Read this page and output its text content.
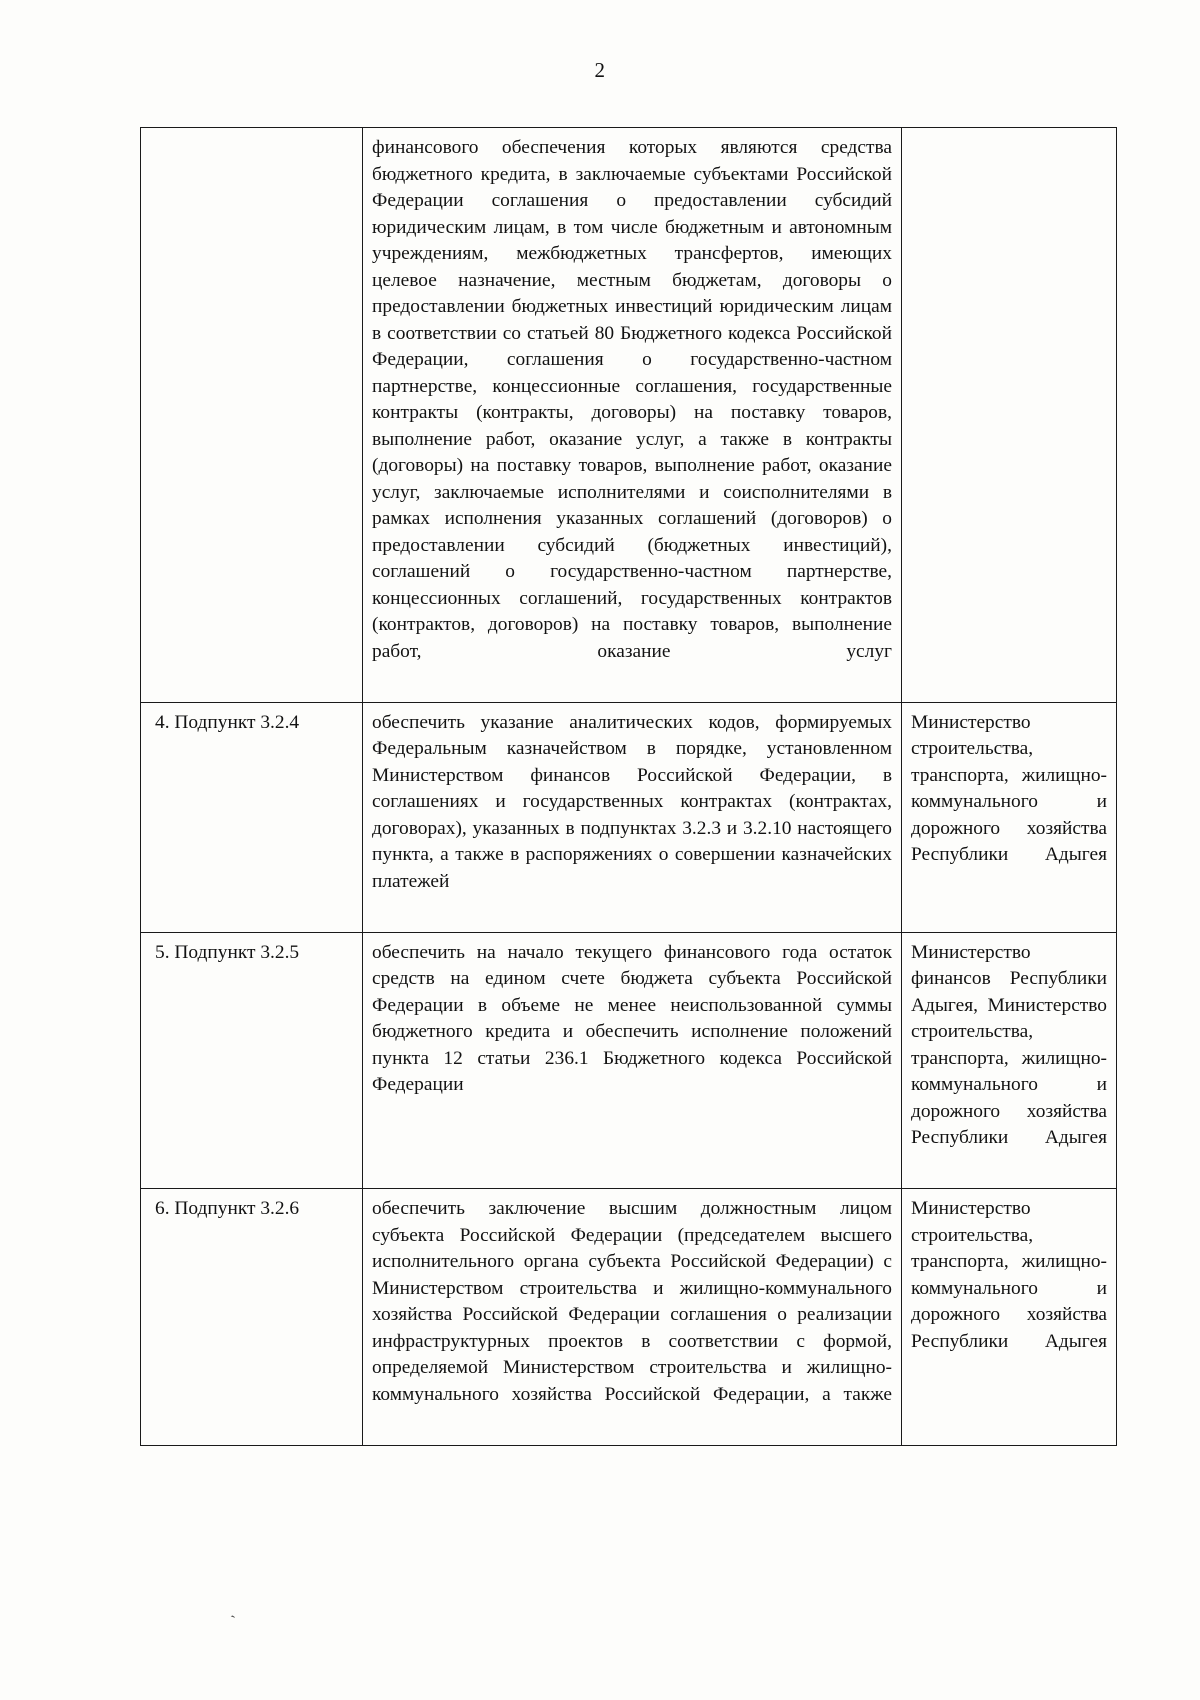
2

	финансового обеспечения которых являются средства бюджетного кредита, в заключаемые субъектами Российской Федерации соглашения о предоставлении субсидий юридическим лицам, в том числе бюджетным и автономным учреждениям, межбюджетных трансфертов, имеющих целевое назначение, местным бюджетам, договоры о предоставлении бюджетных инвестиций юридическим лицам в соответствии со статьей 80 Бюджетного кодекса Российской Федерации, соглашения о государственно-частном партнерстве, концессионные соглашения, государственные контракты (контракты, договоры) на поставку товаров, выполнение работ, оказание услуг, а также в контракты (договоры) на поставку товаров, выполнение работ, оказание услуг, заключаемые исполнителями и соисполнителями в рамках исполнения указанных соглашений (договоров) о предоставлении субсидий (бюджетных инвестиций), соглашений о государственно-частном партнерстве, концессионных соглашений, государственных контрактов (контрактов, договоров) на поставку товаров, выполнение работ, оказание услуг	

4. Подпункт 3.2.4	обеспечить указание аналитических кодов, формируемых Федеральным казначейством в порядке, установленном Министерством финансов Российской Федерации, в соглашениях и государственных контрактах (контрактах, договорах), указанных в подпунктах 3.2.3 и 3.2.10 настоящего пункта, а также в распоряжениях о совершении казначейских платежей	Министерство строительства, транспорта, жилищно-коммунального и дорожного хозяйства Республики Адыгея

5. Подпункт 3.2.5	обеспечить на начало текущего финансового года остаток средств на едином счете бюджета субъекта Российской Федерации в объеме не менее неиспользованной суммы бюджетного кредита и обеспечить исполнение положений пункта 12 статьи 236.1 Бюджетного кодекса Российской Федерации	Министерство финансов Республики Адыгея, Министерство строительства, транспорта, жилищно-коммунального и дорожного хозяйства Республики Адыгея

6. Подпункт 3.2.6	обеспечить заключение высшим должностным лицом субъекта Российской Федерации (председателем высшего исполнительного органа субъекта Российской Федерации) с Министерством строительства и жилищно-коммунального хозяйства Российской Федерации соглашения о реализации инфраструктурных проектов в соответствии с формой, определяемой Министерством строительства и жилищно-коммунального хозяйства Российской Федерации, а также	Министерство строительства, транспорта, жилищно-коммунального и дорожного хозяйства Республики Адыгея
`
